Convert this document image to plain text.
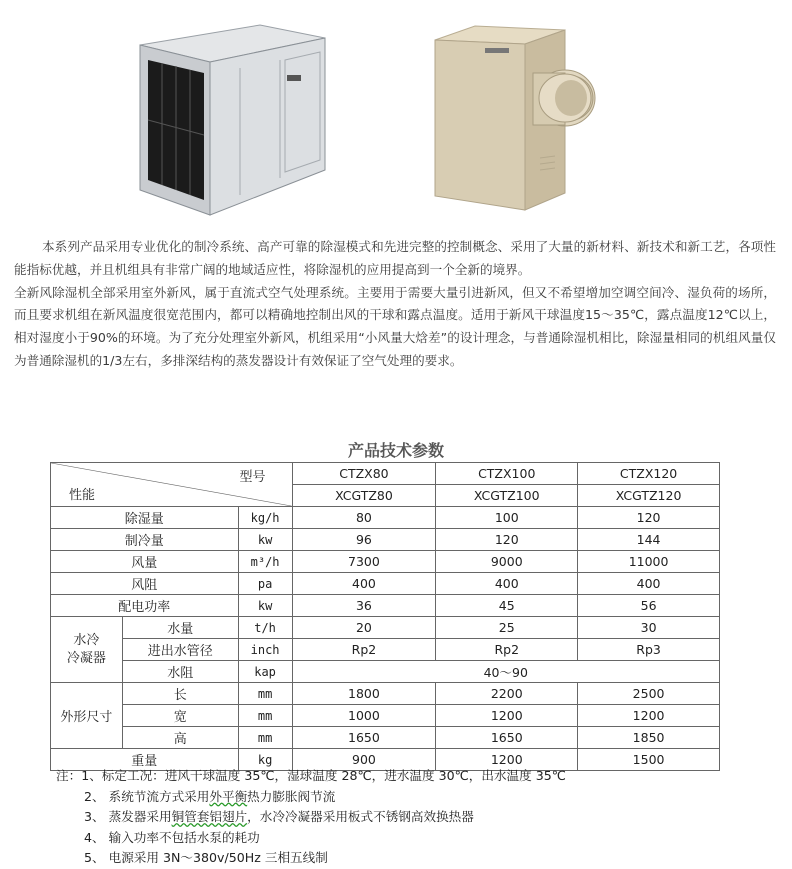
本系列产品采用专业优化的制冷系统、高产可靠的除湿模式和先进完整的控制概念、采用了大量的新材料、新技术和新工艺，各项性能指标优越，并且机组具有非常广阔的地域适应性，将除湿机的应用提高到一个全新的境界。

全新风除湿机全部采用室外新风，属于直流式空气处理系统。主要用于需要大量引进新风，但又不希望增加空调空间冷、湿负荷的场所，而且要求机组在新风温度很宽范围内，都可以精确地控制出风的干球和露点温度。适用于新风干球温度15～35℃，露点温度12℃以上，相对湿度小于90%的环境。为了充分处理室外新风，机组采用“小风量大焓差”的设计理念，与普通除湿机相比，除湿量相同的机组风量仅为普通除湿机的1/3左右，多排深结构的蒸发器设计有效保证了空气处理的要求。

产品技术参数
型号
性能			CTZX80	CTZX100	CTZX120
			XCGTZ80	XCGTZ100	XCGTZ120
除湿量		kg/h	80	100	120
制冷量		kw	96	120	144
风量		m³/h	7300	9000	11000
风阻		pa	400	400	400
配电功率		kw	36	45	56
水冷
冷凝器	水量	t/h	20	25	30
	进出水管径	inch	Rp2	Rp2	Rp3
	水阻	kap	40～90		
外形尺寸	长	mm	1800	2200	2500
	宽	mm	1000	1200	1200
	高	mm	1650	1650	1850
重量		kg	900	1200	1500
注：1、标定工况：进风干球温度 35℃，湿球温度 28℃，进水温度 30℃，出水温度 35℃
2、 系统节流方式采用外平衡热力膨胀阀节流
3、 蒸发器采用铜管套铝翅片，水冷冷凝器采用板式不锈钢高效换热器
4、 输入功率不包括水泵的耗功
5、 电源采用 3N～380v/50Hz 三相五线制
